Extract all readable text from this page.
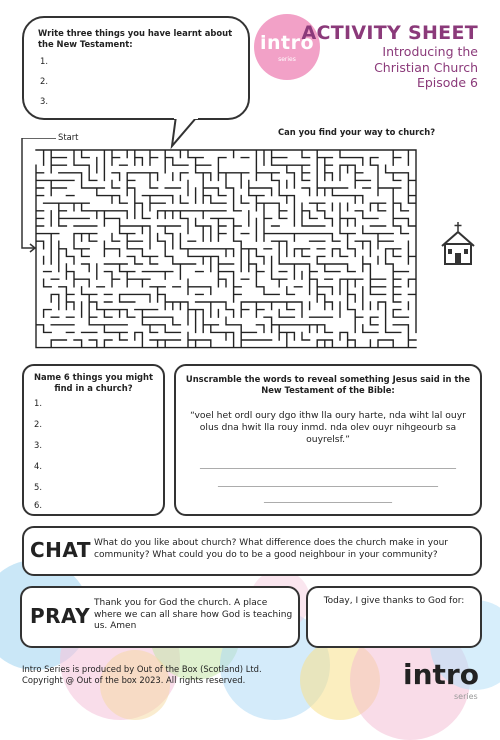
Write three things you have learnt about the New Testament:
1.
2.
3.
intro
series
ACTIVITY SHEET
Introducing the
Christian Church
Episode 6
Start	Can you find your way to church?
Name 6 things you might find in a church?
1.
2.
3.
4.
5.
6.
Unscramble the words to reveal something Jesus said in the New Testament of the Bible:
“voel het ordl oury dgo ithw lla oury harte, nda wiht lal ouyr olus dna hwit lla rouy inmd. nda olev ouyr nihgeourb sa ouyrelsf.”
________________________________________________________________
_______________________________________________________
________________________________
CHAT What do you like about church? What difference does the church make in your community? What could you do to be a good neighbour in your community?
PRAY
Thank you for God the church. A place where we can all share how God is teaching us. Amen
Today, I give thanks to God for:
Intro Series is produced by Out of the Box (Scotland) Ltd.
Copyright @ Out of the box 2023. All rights reserved.	intro
series
